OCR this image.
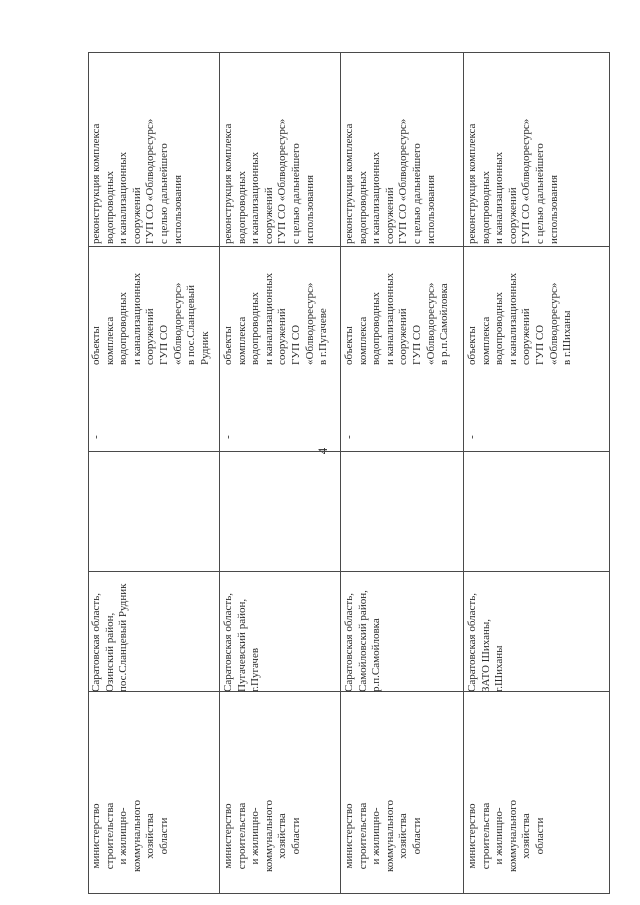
Саратовская область,
Озинский район,
пос.Сланцевый Рудник
-
объекты
комплекса
водопроводных
и канализационных
сооружений
ГУП СО
«Облводоресурс»
в пос.Сланцевый
Рудник
реконструкция комплекса
водопроводных
и канализационных
сооружений
ГУП СО «Облводоресурс»
с целью дальнейшего
использования
министерство
строительства
и жилищно-
коммунального
хозяйства
области
Саратовская область,
Пугачевский район,
г.Пугачев
-
объекты
комплекса
водопроводных
и канализационных
сооружений
ГУП СО
«Облводоресурс»
в г.Пугачеве
реконструкция комплекса
водопроводных
и канализационных
сооружений
ГУП СО «Облводоресурс»
с целью дальнейшего
использования
министерство
строительства
и жилищно-
коммунального
хозяйства
области
Саратовская область,
Самойловский район,
р.п.Самойловка
-
объекты
комплекса
водопроводных
и канализационных
сооружений
ГУП СО
«Облводоресурс»
в р.п.Самойловка
реконструкция комплекса
водопроводных
и канализационных
сооружений
ГУП СО «Облводоресурс»
с целью дальнейшего
использования
министерство
строительства
и жилищно-
коммунального
хозяйства
области
Саратовская область,
ЗАТО Шиханы,
г.Шиханы
-
объекты
комплекса
водопроводных
и канализационных
сооружений
ГУП СО
«Облводоресурс»
в г.Шиханы
реконструкция комплекса
водопроводных
и канализационных
сооружений
ГУП СО «Облводоресурс»
с целью дальнейшего
использования
министерство
строительства
и жилищно-
коммунального
хозяйства
области
